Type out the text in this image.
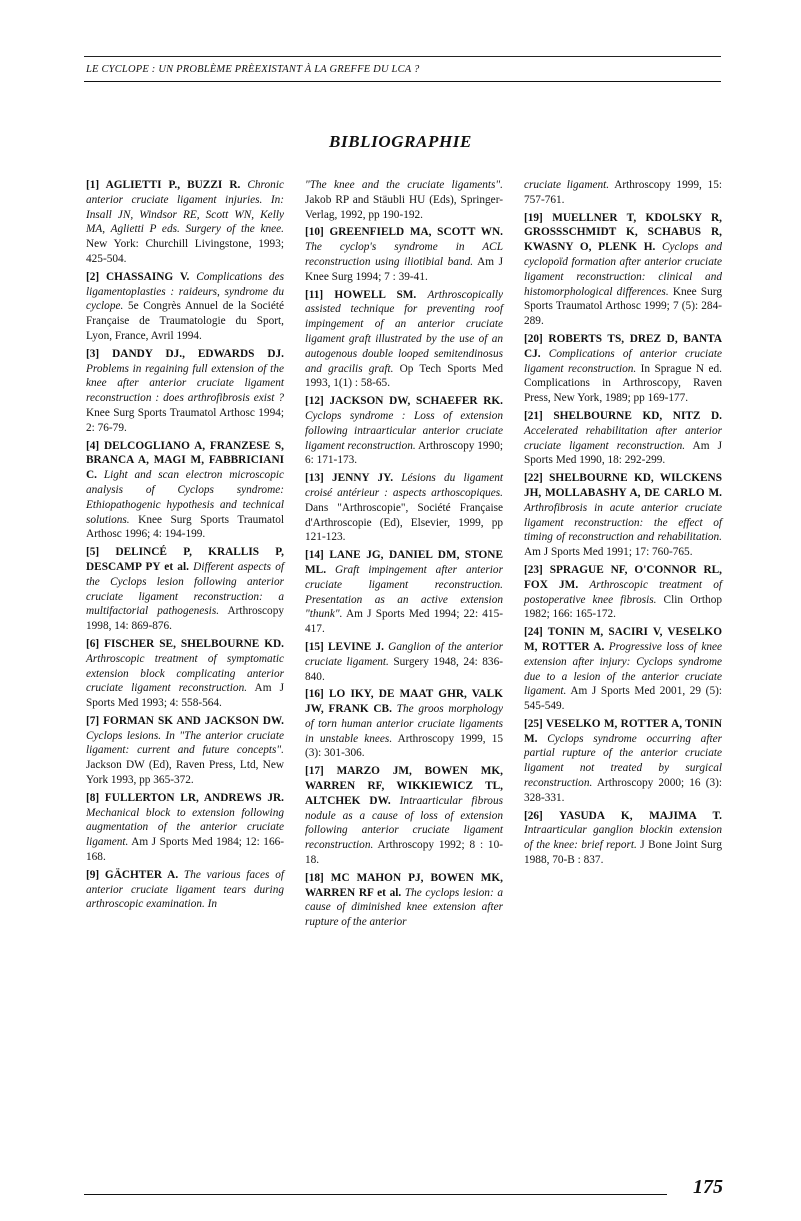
LE CYCLOPE : UN PROBLÈME PRÈEXISTANT À LA GREFFE DU LCA ?
BIBLIOGRAPHIE

[1] AGLIETTI P., BUZZI R. Chronic anterior cruciate ligament injuries. In: Insall JN, Windsor RE, Scott WN, Kelly MA, Aglietti P eds. Surgery of the knee. New York: Churchill Livingstone, 1993; 425-504.

[2] CHASSAING V. Complications des ligamentoplasties : raideurs, syndrome du cyclope. 5e Congrès Annuel de la Société Française de Traumatologie du Sport, Lyon, France, Avril 1994.

[3] DANDY DJ., EDWARDS DJ. Problems in regaining full extension of the knee after anterior cruciate ligament reconstruction : does arthrofibrosis exist ? Knee Surg Sports Traumatol Arthosc 1994; 2: 76-79.

[4] DELCOGLIANO A, FRANZESE S, BRANCA A, MAGI M, FABBRICIANI C. Light and scan electron microscopic analysis of Cyclops syndrome: Ethiopathogenic hypothesis and technical solutions. Knee Surg Sports Traumatol Arthosc 1996; 4: 194-199.

[5] DELINCÉ P, KRALLIS P, DESCAMP PY et al. Different aspects of the Cyclops lesion following anterior cruciate ligament reconstruction: a multifactorial pathogenesis. Arthroscopy 1998, 14: 869-876.

[6] FISCHER SE, SHELBOURNE KD. Arthroscopic treatment of symptomatic extension block complicating anterior cruciate ligament reconstruction. Am J Sports Med 1993; 4: 558-564.

[7] FORMAN SK AND JACKSON DW. Cyclops lesions. In "The anterior cruciate ligament: current and future concepts". Jackson DW (Ed), Raven Press, Ltd, New York 1993, pp 365-372.

[8] FULLERTON LR, ANDREWS JR. Mechanical block to extension following augmentation of the anterior cruciate ligament. Am J Sports Med 1984; 12: 166-168.

[9] GÄCHTER A. The various faces of anterior cruciate ligament tears during arthroscopic examination. In

"The knee and the cruciate ligaments". Jakob RP and Stäubli HU (Eds), Springer-Verlag, 1992, pp 190-192.

[10] GREENFIELD MA, SCOTT WN. The cyclop's syndrome in ACL reconstruction using iliotibial band. Am J Knee Surg 1994; 7 : 39-41.

[11] HOWELL SM. Arthroscopically assisted technique for preventing roof impingement of an anterior cruciate ligament graft illustrated by the use of an autogenous double looped semitendinosus and gracilis graft. Op Tech Sports Med 1993, 1(1) : 58-65.

[12] JACKSON DW, SCHAEFER RK. Cyclops syndrome : Loss of extension following intraarticular anterior cruciate ligament reconstruction. Arthroscopy 1990; 6: 171-173.

[13] JENNY JY. Lésions du ligament croisé antérieur : aspects arthoscopiques. Dans "Arthroscopie", Société Française d'Arthroscopie (Ed), Elsevier, 1999, pp 121-123.

[14] LANE JG, DANIEL DM, STONE ML. Graft impingement after anterior cruciate ligament reconstruction. Presentation as an active extension "thunk". Am J Sports Med 1994; 22: 415-417.

[15] LEVINE J. Ganglion of the anterior cruciate ligament. Surgery 1948, 24: 836-840.

[16] LO IKY, DE MAAT GHR, VALK JW, FRANK CB. The groos morphology of torn human anterior cruciate ligaments in unstable knees. Arthroscopy 1999, 15 (3): 301-306.

[17] MARZO JM, BOWEN MK, WARREN RF, WIKKIEWICZ TL, ALTCHEK DW. Intraarticular fibrous nodule as a cause of loss of extension following anterior cruciate ligament reconstruction. Arthroscopy 1992; 8 : 10-18.

[18] MC MAHON PJ, BOWEN MK, WARREN RF et al. The cyclops lesion: a cause of diminished knee extension after rupture of the anterior

cruciate ligament. Arthroscopy 1999, 15: 757-761.

[19] MUELLNER T, KDOLSKY R, GROSSSCHMIDT K, SCHABUS R, KWASNY O, PLENK H. Cyclops and cyclopoïd formation after anterior cruciate ligament reconstruction: clinical and histomorphological differences. Knee Surg Sports Traumatol Arthosc 1999; 7 (5): 284-289.

[20] ROBERTS TS, DREZ D, BANTA CJ. Complications of anterior cruciate ligament reconstruction. In Sprague N ed. Complications in Arthroscopy, Raven Press, New York, 1989; pp 169-177.

[21] SHELBOURNE KD, NITZ D. Accelerated rehabilitation after anterior cruciate ligament reconstruction. Am J Sports Med 1990, 18: 292-299.

[22] SHELBOURNE KD, WILCKENS JH, MOLLABASHY A, DE CARLO M. Arthrofibrosis in acute anterior cruciate ligament reconstruction: the effect of timing of reconstruction and rehabilitation. Am J Sports Med 1991; 17: 760-765.

[23] SPRAGUE NF, O'CONNOR RL, FOX JM. Arthroscopic treatment of postoperative knee fibrosis. Clin Orthop 1982; 166: 165-172.

[24] TONIN M, SACIRI V, VESELKO M, ROTTER A. Progressive loss of knee extension after injury: Cyclops syndrome due to a lesion of the anterior cruciate ligament. Am J Sports Med 2001, 29 (5): 545-549.

[25] VESELKO M, ROTTER A, TONIN M. Cyclops syndrome occurring after partial rupture of the anterior cruciate ligament not treated by surgical reconstruction. Arthroscopy 2000; 16 (3): 328-331.

[26] YASUDA K, MAJIMA T. Intraarticular ganglion blockin extension of the knee: brief report. J Bone Joint Surg 1988, 70-B : 837.

175
